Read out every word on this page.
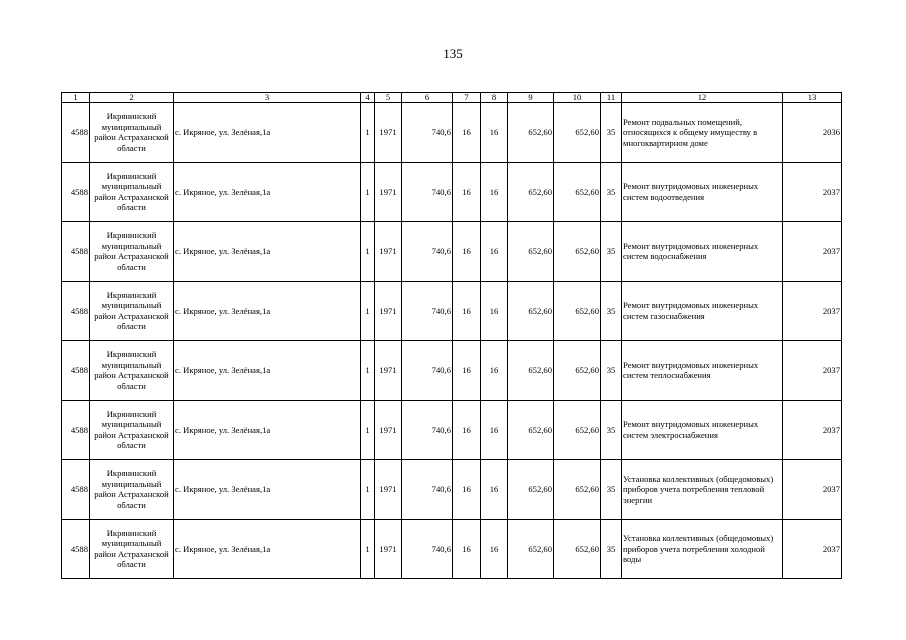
135
1	2	3	4	5	6	7	8	9	10	11	12	13
4588	Икрянинский муниципальный район Астраханской области	с. Икряное, ул. Зелёная,1а	1	1971	740,6	16	16	652,60	652,60	35	Ремонт подвальных помещений, относящихся к общему имуществу в многоквартирном доме	2036
4588	Икрянинский муниципальный район Астраханской области	с. Икряное, ул. Зелёная,1а	1	1971	740,6	16	16	652,60	652,60	35	Ремонт внутридомовых инженерных систем водоотведения	2037
4588	Икрянинский муниципальный район Астраханской области	с. Икряное, ул. Зелёная,1а	1	1971	740,6	16	16	652,60	652,60	35	Ремонт внутридомовых инженерных систем водоснабжения	2037
4588	Икрянинский муниципальный район Астраханской области	с. Икряное, ул. Зелёная,1а	1	1971	740,6	16	16	652,60	652,60	35	Ремонт внутридомовых инженерных систем газоснабжения	2037
4588	Икрянинский муниципальный район Астраханской области	с. Икряное, ул. Зелёная,1а	1	1971	740,6	16	16	652,60	652,60	35	Ремонт внутридомовых инженерных систем теплоснабжения	2037
4588	Икрянинский муниципальный район Астраханской области	с. Икряное, ул. Зелёная,1а	1	1971	740,6	16	16	652,60	652,60	35	Ремонт внутридомовых инженерных систем электроснабжения	2037
4588	Икрянинский муниципальный район Астраханской области	с. Икряное, ул. Зелёная,1а	1	1971	740,6	16	16	652,60	652,60	35	Установка коллективных (общедомовых) приборов учета потребления тепловой энергии	2037
4588	Икрянинский муниципальный район Астраханской области	с. Икряное, ул. Зелёная,1а	1	1971	740,6	16	16	652,60	652,60	35	Установка коллективных (общедомовых) приборов учета потребления холодной воды	2037
